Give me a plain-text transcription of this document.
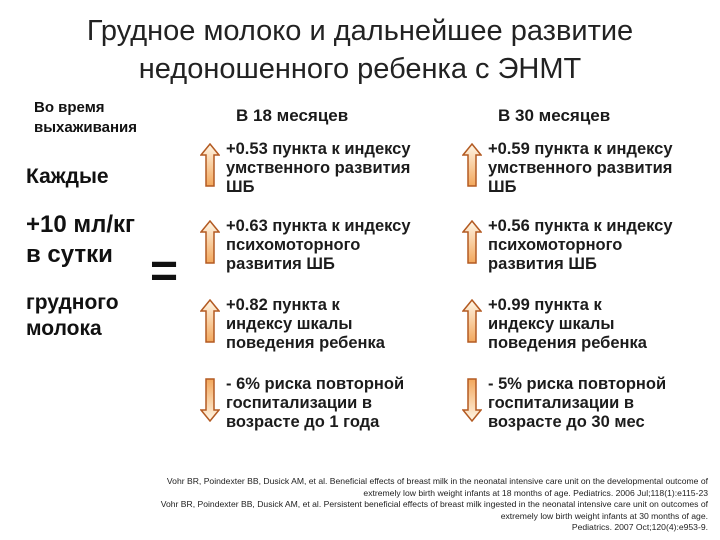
Грудное молоко и дальнейшее развитие
недоношенного ребенка с ЭНМТ
Во время
выхаживания
В 18 месяцев	В 30 месяцев
Каждые
+10 мл/кг
в сутки
грудного
молока
=
+0.53 пункта к индексу
умственного развития
ШБ
+0.59 пункта к индексу
умственного развития
ШБ
+0.63 пункта к индексу
психомоторного
развития ШБ
+0.56 пункта к индексу
психомоторного
развития ШБ
+0.82 пункта к
индексу шкалы
поведения ребенка
+0.99 пункта к
индексу шкалы
поведения ребенка
- 6% риска повторной
госпитализации в
возрасте до 1 года
- 5% риска повторной
госпитализации в
возрасте до 30 мес
Vohr BR, Poindexter BB, Dusick AM, et al. Beneficial effects of breast milk in the neonatal intensive care unit on the developmental outcome of
extremely low birth weight infants at 18 months of age. Pediatrics. 2006 Jul;118(1):e115-23
Vohr BR, Poindexter BB, Dusick AM, et al. Persistent beneficial effects of breast milk ingested in the neonatal intensive care unit on outcomes of
extremely low birth weight infants at 30 months of age.
Pediatrics. 2007 Oct;120(4):e953-9.
